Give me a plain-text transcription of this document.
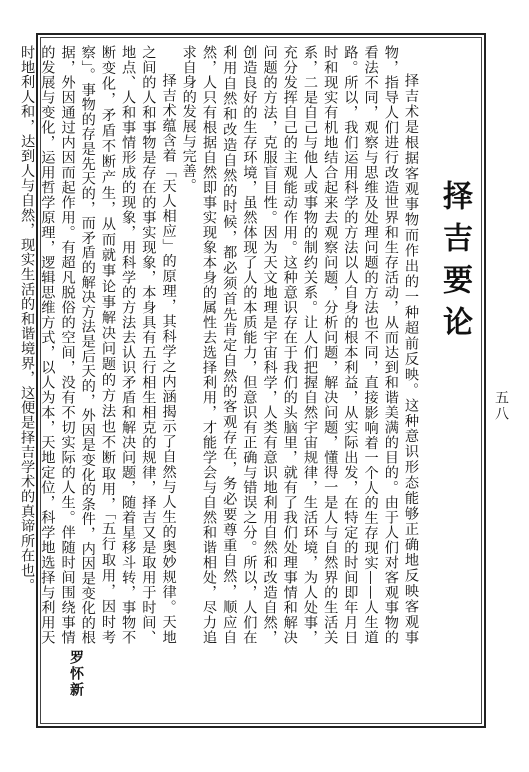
择吉要论

择吉术是根据客观事物而作出的一种超前反映。这种意识形态能够正确地反映客观事物，指导人们进行改造世界和生存活动，从而达到和谐美满的目的。由于人们对客观事物的看法不同，观察与思维及处理问题的方法也不同，直接影响着一个人的生存现实——人生道路。所以，我们运用科学的方法以人自身的根本利益，从实际出发，在特定的时间即年月日时和现实有机地结合起来去观察问题，分析问题，解决问题，懂得一是人与自然界的生活关系，二是自己与他人或事物的制约关系。让人们把握自然宇宙规律，生活环境，为人处事，充分发挥自己的主观能动作用。这种意识存在于我们的头脑里，就有了我们处理事情和解决问题的方法，克服盲目性。因为天文地理是宇宙科学，人类有意识地利用自然和改造自然，创造良好的生存环境，虽然体现了人的本质能力，但意识有正确与错误之分。所以，人们在利用自然和改造自然的时候，都必须首先肯定自然的客观存在，务必要尊重自然，顺应自然，人只有根据自然即事实现象本身的属性去选择利用，才能学会与自然和谐相处，尽力追求自身的发展与完善。

择吉术蕴含着「天人相应」的原理，其科学之内涵揭示了自然与人生的奥妙规律。天地之间的人和事物是存在的事实现象，本身具有五行相生相克的规律，择吉又是取用于时间、地点、人和事情形成的现象，用科学的方法去认识矛盾和解决问题，随着星移斗转，事物不断变化，矛盾不断产生，从而就事论事解决问题的方法也不断取用，「五行取用，因时考察」。事物的存是先天的，而矛盾的解决方法是后天的，外因是变化的条件，内因是变化的根据，外因通过内因而起作用。有超凡脱俗的空间，没有不切实际的人生。伴随时间围绕事情的发展与变化，运用哲学原理，逻辑思维方式，以人为本，天地定位，科学地选择与利用天时地利人和，达到人与自然，现实生活的和谐境界，这便是择吉学术的真谛所在也。

罗怀新
五八
